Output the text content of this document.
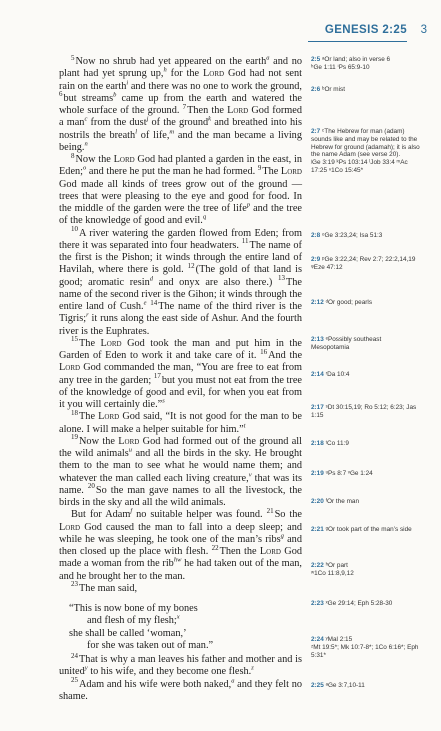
GENESIS 2:25 3

$^5$Now no shrub had yet appeared on the earth$^a$ and no plant had yet sprung up,$^h$ for the Lord God had not sent rain on the earth$^i$ and there was no one to work the ground, $^6$but streams$^b$ came up from the earth and watered the whole surface of the ground. $^7$Then the Lord God formed a man$^c$ from the dust$^j$ of the ground$^k$ and breathed into his nostrils the breath$^l$ of life,$^m$ and the man became a living being.$^n$

$^8$Now the Lord God had planted a garden in the east, in Eden;$^o$ and there he put the man he had formed. $^9$The Lord God made all kinds of trees grow out of the ground — trees that were pleasing to the eye and good for food. In the middle of the garden were the tree of life$^p$ and the tree of the knowledge of good and evil.$^q$

$^{10}$A river watering the garden flowed from Eden; from there it was separated into four headwaters. $^{11}$The name of the first is the Pishon; it winds through the entire land of Havilah, where there is gold. $^{12}$(The gold of that land is good; aromatic resin$^d$ and onyx are also there.) $^{13}$The name of the second river is the Gihon; it winds through the entire land of Cush.$^e$ $^{14}$The name of the third river is the Tigris;$^r$ it runs along the east side of Ashur. And the fourth river is the Euphrates.

$^{15}$The Lord God took the man and put him in the Garden of Eden to work it and take care of it. $^{16}$And the Lord God commanded the man, “You are free to eat from any tree in the garden; $^{17}$but you must not eat from the tree of the knowledge of good and evil, for when you eat from it you will certainly die.”$^s$

$^{18}$The Lord God said, “It is not good for the man to be alone. I will make a helper suitable for him.”$^t$

$^{19}$Now the Lord God had formed out of the ground all the wild animals$^u$ and all the birds in the sky. He brought them to the man to see what he would name them; and whatever the man called each living creature,$^v$ that was its name. $^{20}$So the man gave names to all the livestock, the birds in the sky and all the wild animals.

But for Adam$^f$ no suitable helper was found. $^{21}$So the Lord God caused the man to fall into a deep sleep; and while he was sleeping, he took one of the man’s ribs$^g$ and then closed up the place with flesh. $^{22}$Then the Lord God made a woman from the rib$^{hw}$ he had taken out of the man, and he brought her to the man.

$^{23}$The man said,

“This is now bone of my bones
and flesh of my flesh;$^x$
she shall be called ‘woman,’
for she was taken out of man.”

$^{24}$That is why a man leaves his father and mother and is united$^y$ to his wife, and they become one flesh.$^z$

$^{25}$Adam and his wife were both naked,$^a$ and they felt no shame.

2:5 ᵃOr land; also in verse 6
ʰGe 1:11 ⁱPs 65:9-10
2:6 ᵇOr mist
2:7 ᶜThe Hebrew for man (adam) sounds like and may be related to the Hebrew for ground (adamah); it is also the name Adam (see verse 20).
ʲGe 3:19 ᵏPs 103:14 ˡJob 33:4 ᵐAc 17:25 ⁿ1Co 15:45*
2:8 ᵒGe 3:23,24; Isa 51:3
2:9 ᵖGe 3:22,24; Rev 2:7; 22:2,14,19
ᵠEze 47:12
2:12 ᵈOr good; pearls
2:13 ᵉPossibly southeast Mesopotamia
2:14 ʳDa 10:4
2:17 ˢDt 30:15,19; Ro 5:12; 6:23; Jas 1:15
2:18 ᵗCo 11:9
2:19 ᵘPs 8:7 ᵛGe 1:24
2:20 ᶠOr the man
2:21 ᵍOr took part of the man’s side
2:22 ʰOr part
ʷ1Co 11:8,9,12
2:23 ˣGe 29:14; Eph 5:28-30
2:24 ʸMal 2:15
ᶻMt 19:5*; Mk 10:7-8*; 1Co 6:16*; Eph 5:31*
2:25 ᵃGe 3:7,10-11
